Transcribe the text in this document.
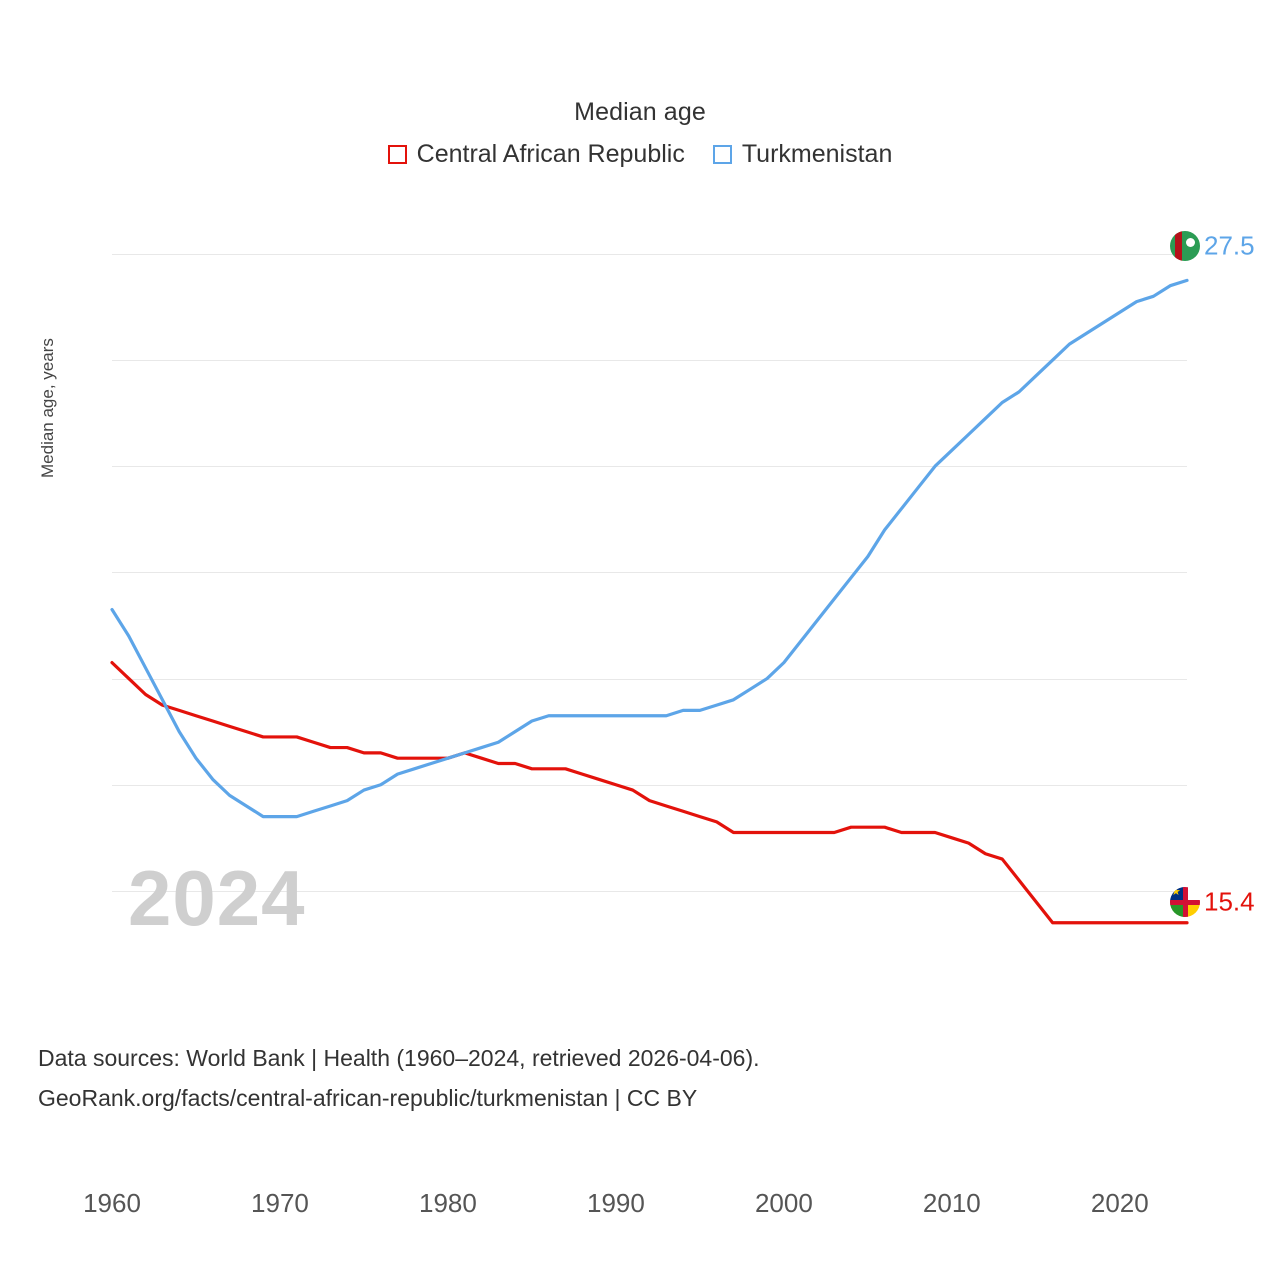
Median age
Central African Republic Turkmenistan
Median age, years
1960	1970	1980	1990	2000	2010	2020
2024
27.5
★ 15.4
Data sources: World Bank | Health (1960–2024, retrieved 2026-04-06).
GeoRank.org/facts/central-african-republic/turkmenistan | CC BY
